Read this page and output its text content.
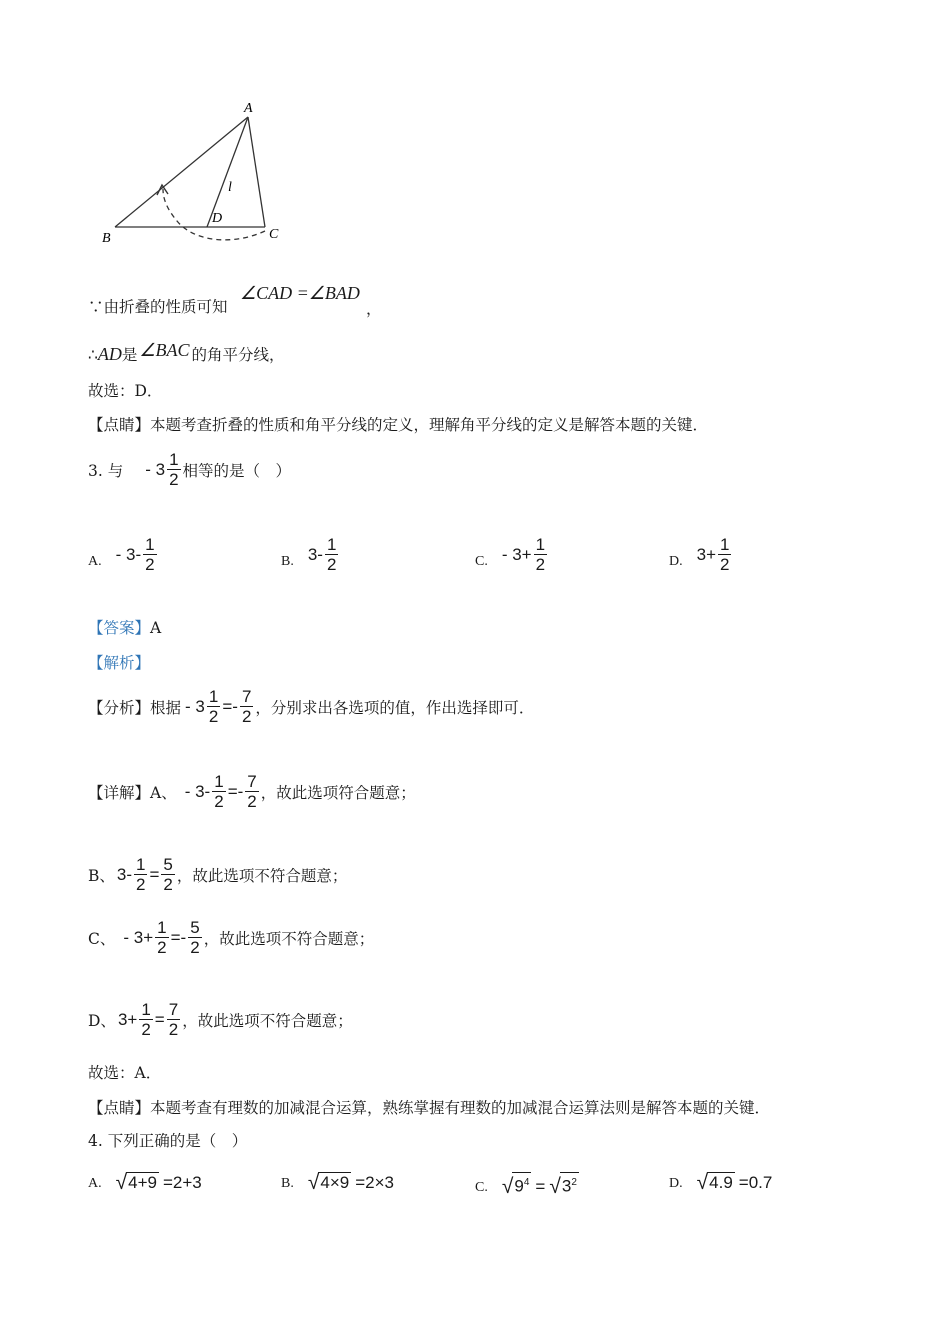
A
B	C
D
l
∵由折叠的性质可知
∠CAD =∠BAD
，
∴AD是 ∠BAC 的角平分线，
故选：D．
【点睛】本题考查折叠的性质和角平分线的定义，理解角平分线的定义是解答本题的关键．
3. 与 - $3 \frac{1}{2}$ 相等的是（　）
A. - $3- \frac{1}{2}$	B. $3- \frac{1}{2}$	C. - $3+ \frac{1}{2}$	D. $3+ \frac{1}{2}$
【答案】A
【解析】
【分析】 根据 - $3 \frac{1}{2} =- \frac{7}{2}$ ，分别求出各选项的值，作出选择即可．
【详解】 A、 - $3- \frac{1}{2} =- \frac{7}{2}$ ，故此选项符合题意；
B、 $3- \frac{1}{2} = \frac{5}{2}$ ，故此选项不符合题意；
C、 - $3+ \frac{1}{2} =- \frac{5}{2}$ ，故此选项不符合题意；
D、 $3+ \frac{1}{2} = \frac{7}{2}$ ，故此选项不符合题意；
故选：A．
【点睛】本题考查有理数的加减混合运算，熟练掌握有理数的加减混合运算法则是解答本题的关键．
4. 下列正确的是（　）
A. √ 4+9 =2+3	B. √ 4×9 =2×3	C. √ $9^4$ = √ $3^2$	D. √ 4.9 =0.7
